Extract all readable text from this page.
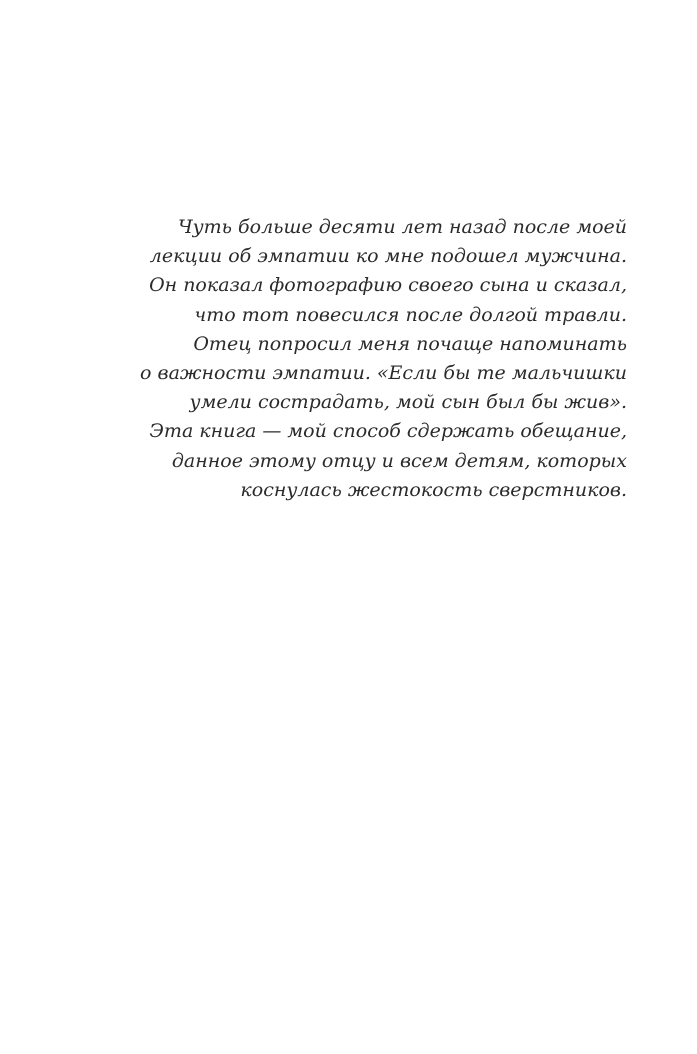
Чуть больше десяти лет назад после моей
лекции об эмпатии ко мне подошел мужчина.
Он показал фотографию своего сына и сказал,
что тот повесился после долгой травли.
Отец попросил меня почаще напоминать
о важности эмпатии. «Если бы те мальчишки
умели сострадать, мой сын был бы жив».
Эта книга — мой способ сдержать обещание,
данное этому отцу и всем детям, которых
коснулась жестокость сверстников.
